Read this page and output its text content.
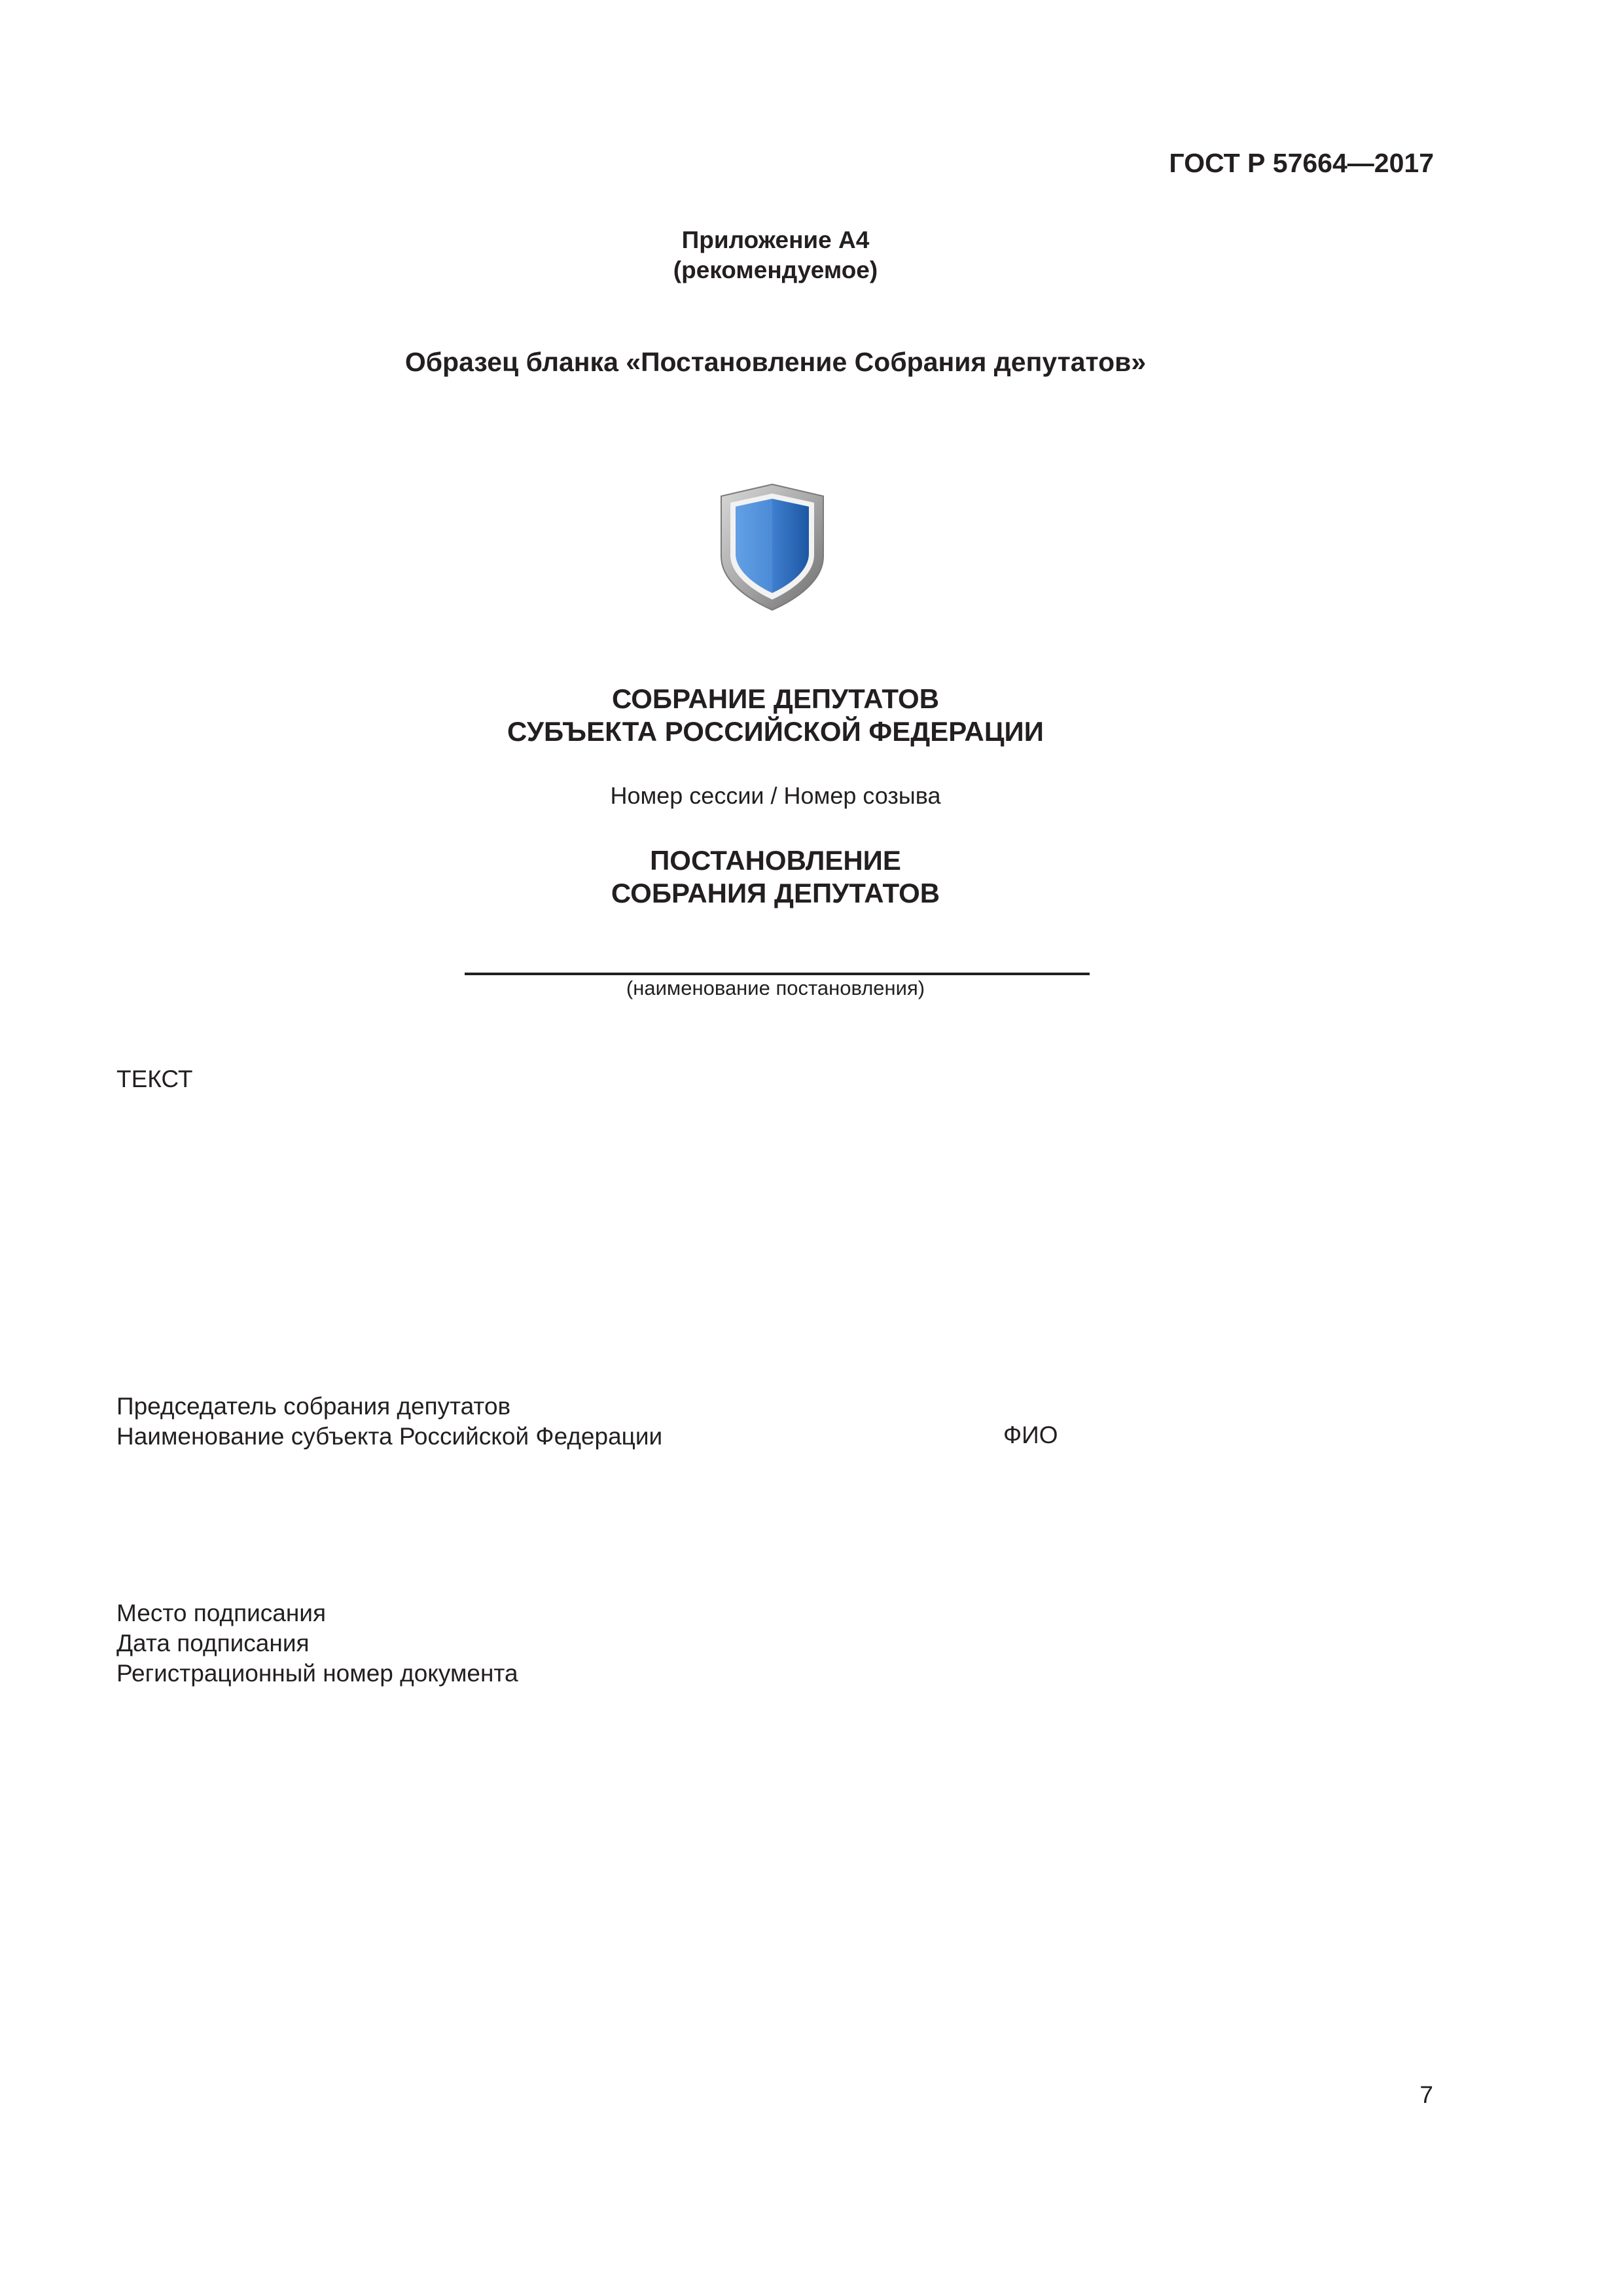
ГОСТ Р 57664—2017
Приложение А4
(рекомендуемое)
Образец бланка «Постановление Собрания депутатов»
СОБРАНИЕ ДЕПУТАТОВ
СУБЪЕКТА РОССИЙСКОЙ ФЕДЕРАЦИИ
Номер сессии / Номер созыва
ПОСТАНОВЛЕНИЕ
СОБРАНИЯ ДЕПУТАТОВ
(наименование постановления)
ТЕКСТ
Председатель собрания депутатов
Наименование субъекта Российской Федерации	ФИО
Место подписания
Дата подписания
Регистрационный номер документа
7
